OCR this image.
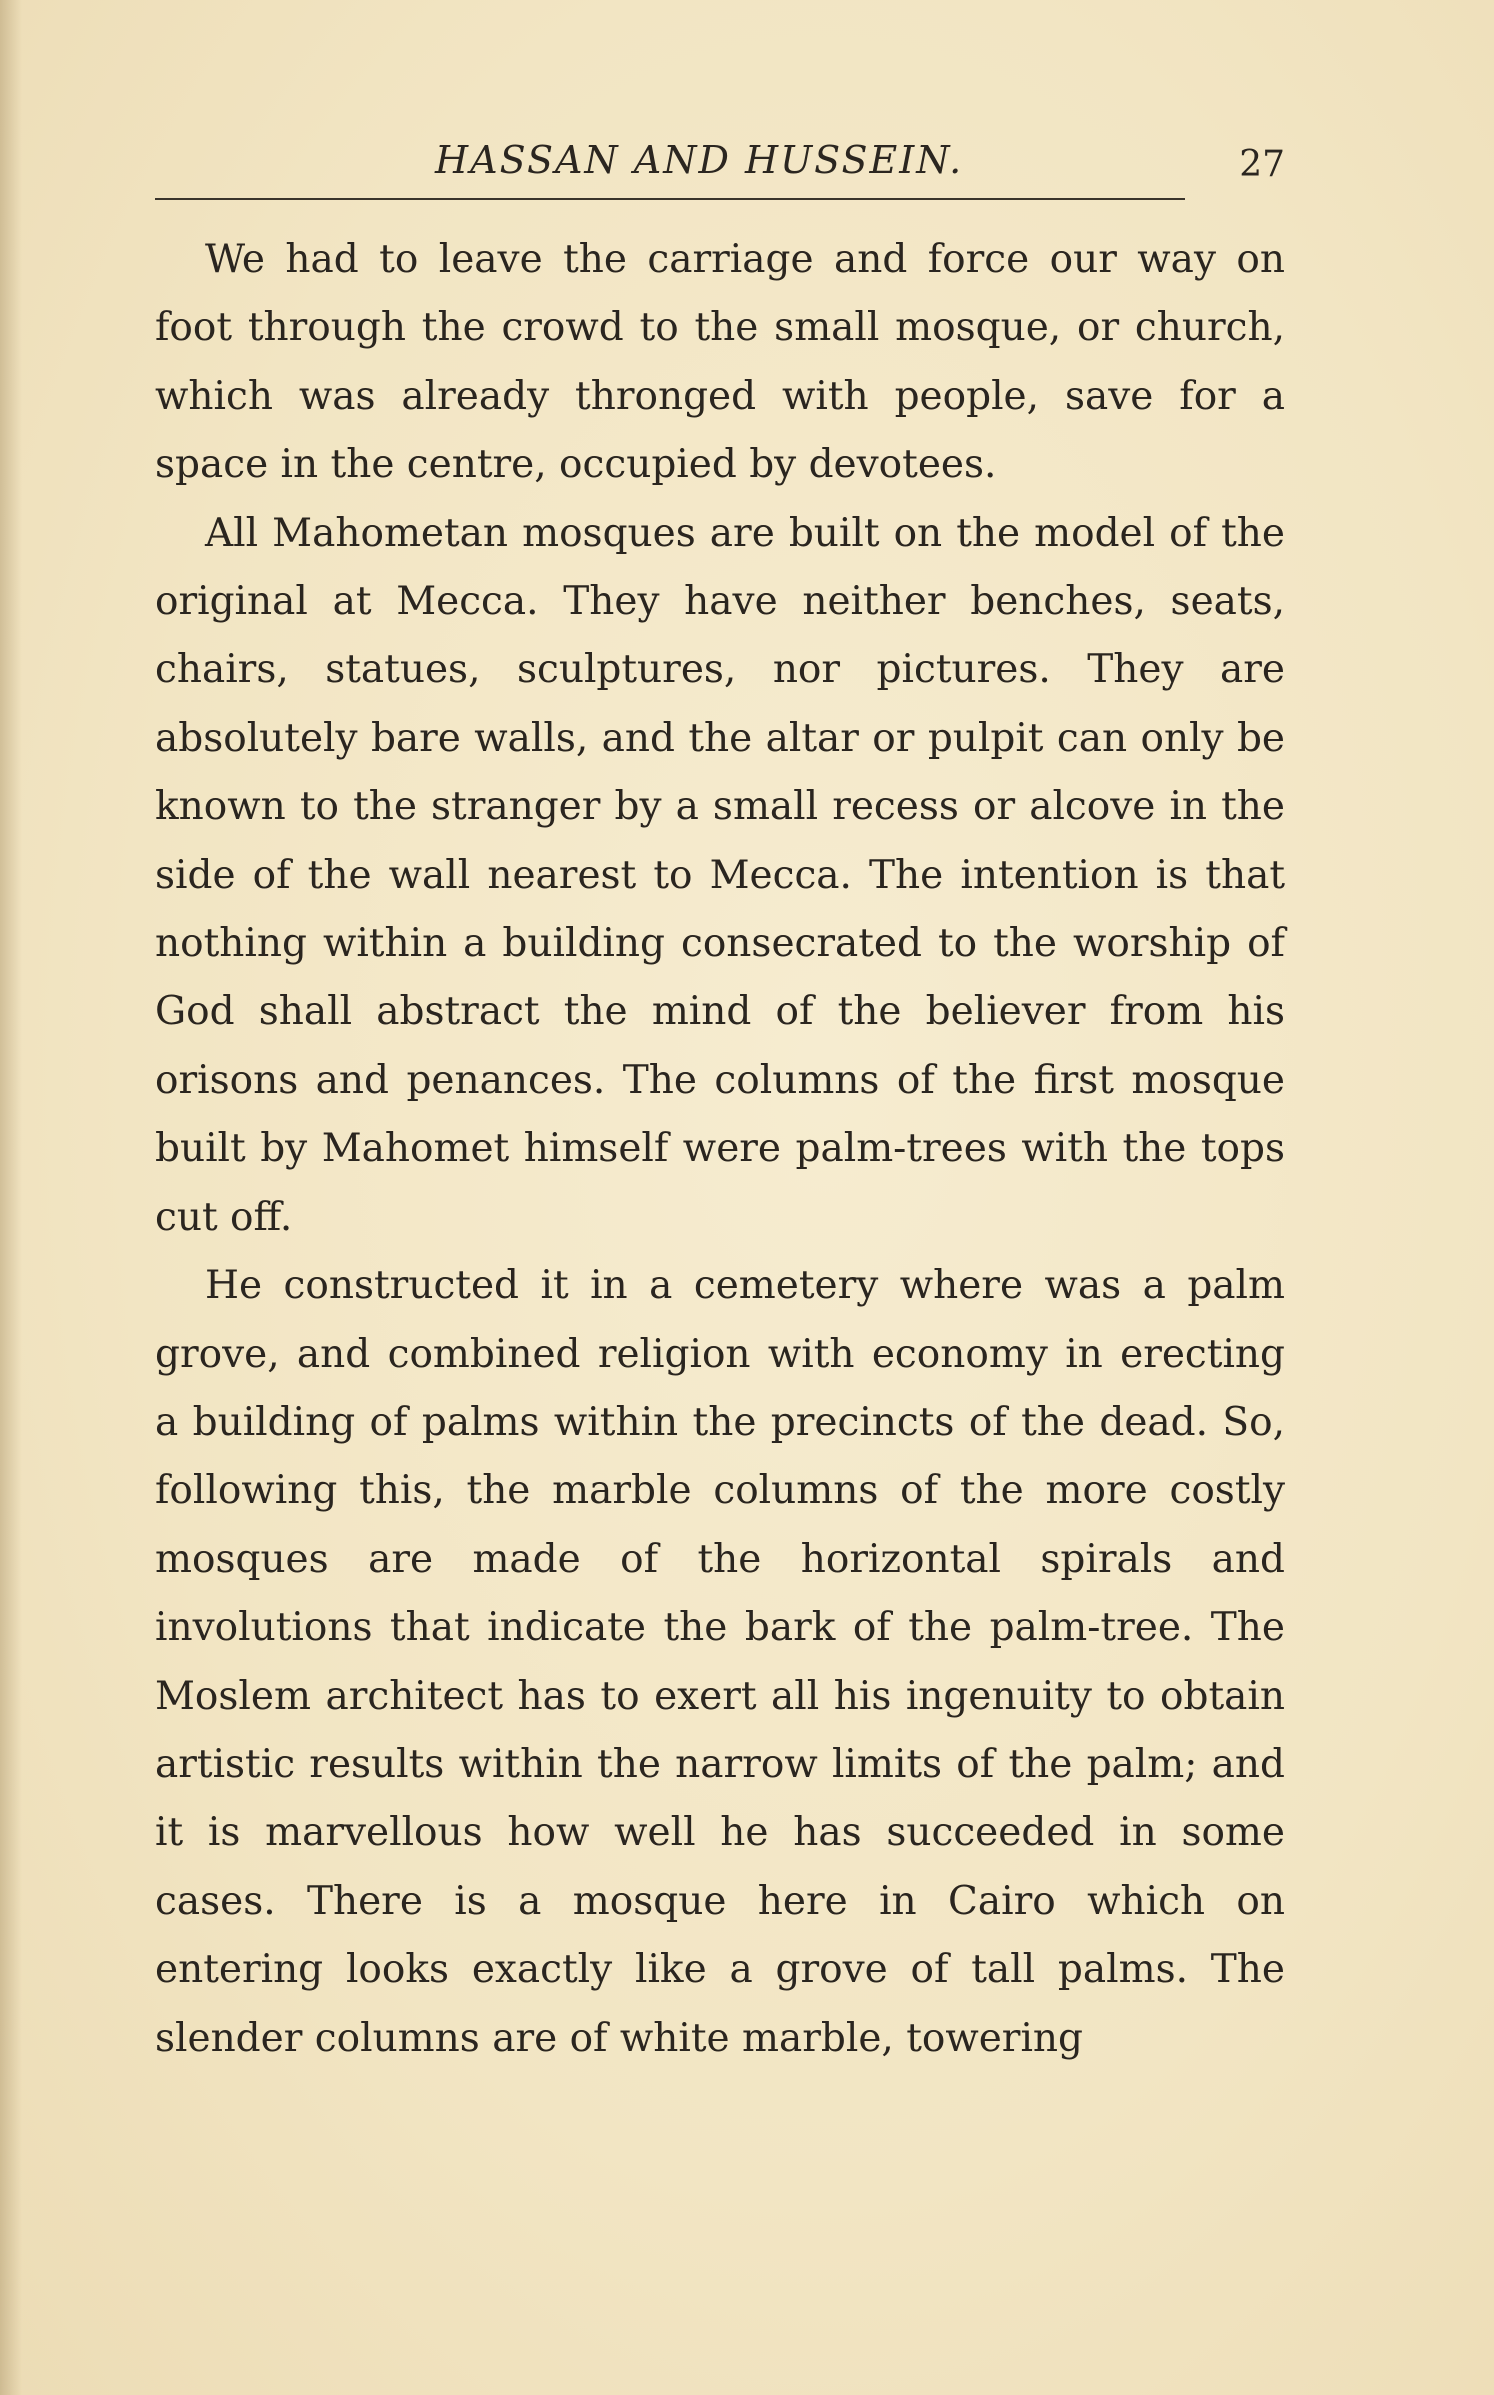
HASSAN AND HUSSEIN.	27

We had to leave the carriage and force our way on foot through the crowd to the small mosque, or church, which was already thronged with people, save for a space in the centre, occupied by devotees.

All Mahometan mosques are built on the model of the original at Mecca. They have neither benches, seats, chairs, statues, sculptures, nor pictures. They are absolutely bare walls, and the altar or pulpit can only be known to the stranger by a small recess or alcove in the side of the wall nearest to Mecca. The intention is that nothing within a building consecrated to the worship of God shall abstract the mind of the believer from his orisons and penances. The columns of the first mosque built by Mahomet himself were palm-trees with the tops cut off.

He constructed it in a cemetery where was a palm grove, and combined religion with economy in erecting a building of palms within the precincts of the dead. So, following this, the marble columns of the more costly mosques are made of the horizontal spirals and involutions that indicate the bark of the palm-tree. The Moslem architect has to exert all his ingenuity to obtain artistic results within the narrow limits of the palm; and it is marvellous how well he has succeeded in some cases. There is a mosque here in Cairo which on entering looks exactly like a grove of tall palms. The slender columns are of white marble, towering
